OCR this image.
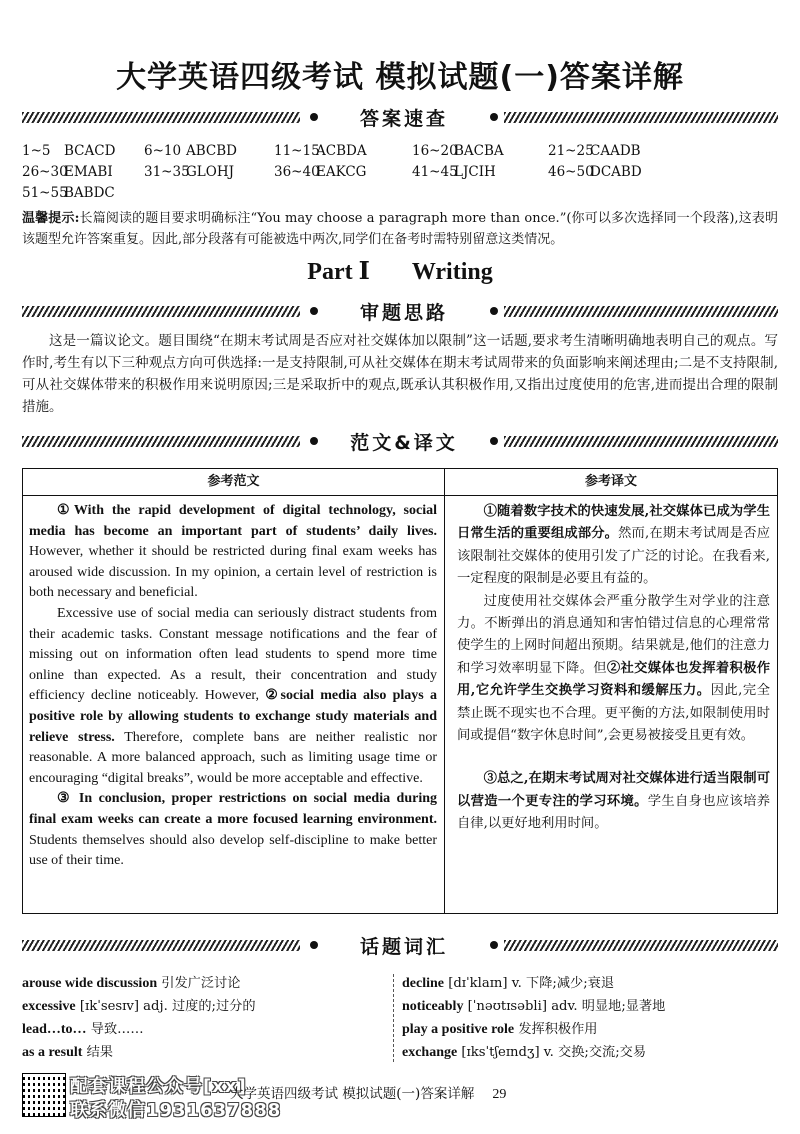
大学英语四级考试 模拟试题(一)答案详解
答案速查
1~5 BCACD 6~10 ABCBD	11~15ACBDA	16~20BACBA	21~25CAADB
26~30EMABI 31~35GLOHJ	36~40EAKCG	41~45LJCIH	46~50DCABD
51~55BABDC
温馨提示:长篇阅读的题目要求明确标注“You may choose a paragraph more than once.”(你可以多次选择同一个段落),这表明该题型允许答案重复。因此,部分段落有可能被选中两次,同学们在备考时需特别留意这类情况。
Part Ⅰ Writing
审题思路
这是一篇议论文。题目围绕“在期末考试周是否应对社交媒体加以限制”这一话题,要求考生清晰明确地表明自己的观点。写作时,考生有以下三种观点方向可供选择:一是支持限制,可从社交媒体在期末考试周带来的负面影响来阐述理由;二是不支持限制,可从社交媒体带来的积极作用来说明原因;三是采取折中的观点,既承认其积极作用,又指出过度使用的危害,进而提出合理的限制措施。
范文&译文
参考范文	参考译文

①With the rapid development of digital technology, social media has become an important part of students’ daily lives. However, whether it should be restricted during final exam weeks has aroused wide discussion. In my opinion, a certain level of restriction is both necessary and beneficial.

Excessive use of social media can seriously distract students from their academic tasks. Constant message notifications and the fear of missing out on information often lead students to spend more time online than expected. As a result, their concentration and study efficiency decline noticeably. However, ②social media also plays a positive role by allowing students to exchange study materials and relieve stress. Therefore, complete bans are neither realistic nor reasonable. A more balanced approach, such as limiting usage time or encouraging “digital breaks”, would be more acceptable and effective.

③ In conclusion, proper restrictions on social media during final exam weeks can create a more focused learning environment. Students themselves should also develop self-discipline to make better use of their time.

①随着数字技术的快速发展,社交媒体已成为学生日常生活的重要组成部分。然而,在期末考试周是否应该限制社交媒体的使用引发了广泛的讨论。在我看来,一定程度的限制是必要且有益的。

过度使用社交媒体会严重分散学生对学业的注意力。不断弹出的消息通知和害怕错过信息的心理常常使学生的上网时间超出预期。结果就是,他们的注意力和学习效率明显下降。但②社交媒体也发挥着积极作用,它允许学生交换学习资料和缓解压力。因此,完全禁止既不现实也不合理。更平衡的方法,如限制使用时间或提倡“数字休息时间”,会更易被接受且更有效。

③总之,在期末考试周对社交媒体进行适当限制可以营造一个更专注的学习环境。学生自身也应该培养自律,以更好地利用时间。

话题词汇
arouse wide discussion 引发广泛讨论
excessive [ɪkˈsesɪv] adj. 过度的;过分的
lead…to… 导致……
as a result 结果
decline [dɪˈklaɪn] v. 下降;减少;衰退
noticeably [ˈnəʊtɪsəbli] adv. 明显地;显著地
play a positive role 发挥积极作用
exchange [ɪksˈtʃeɪndʒ] v. 交换;交流;交易
配套课程公众号[xx]
联系微信1931637888
大学英语四级考试 模拟试题(一)答案详解 29
